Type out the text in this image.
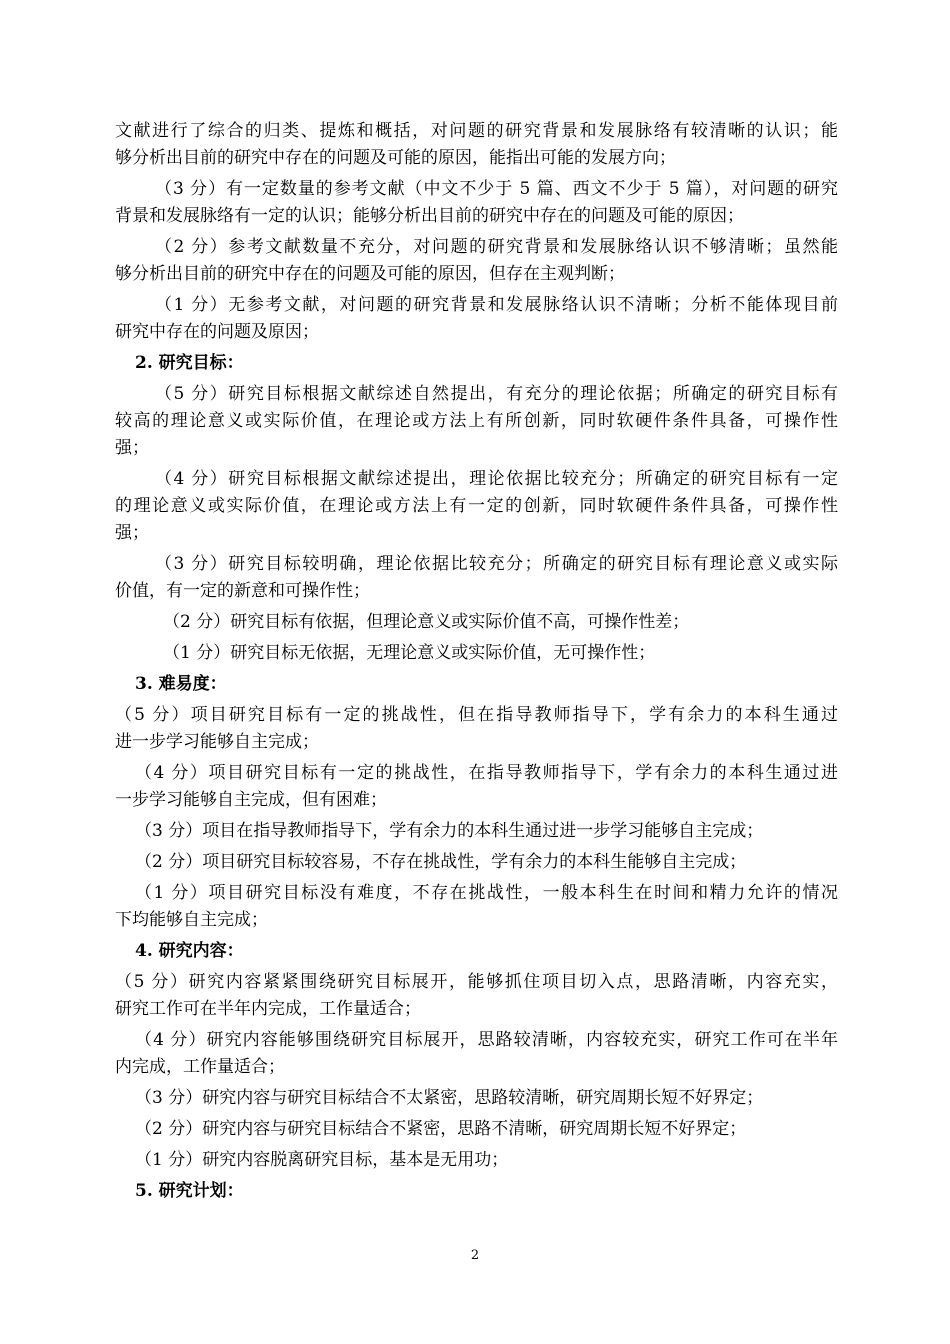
文献进行了综合的归类、提炼和概括，对问题的研究背景和发展脉络有较清晰的认识；能
够分析出目前的研究中存在的问题及可能的原因，能指出可能的发展方向；
（3 分）有一定数量的参考文献（中文不少于 5 篇、西文不少于 5 篇），对问题的研究
背景和发展脉络有一定的认识；能够分析出目前的研究中存在的问题及可能的原因；
（2 分）参考文献数量不充分，对问题的研究背景和发展脉络认识不够清晰；虽然能
够分析出目前的研究中存在的问题及可能的原因，但存在主观判断；
（1 分）无参考文献，对问题的研究背景和发展脉络认识不清晰；分析不能体现目前
研究中存在的问题及原因；
2. 研究目标：
（5 分）研究目标根据文献综述自然提出，有充分的理论依据；所确定的研究目标有
较高的理论意义或实际价值，在理论或方法上有所创新，同时软硬件条件具备，可操作性
强；
（4 分）研究目标根据文献综述提出，理论依据比较充分；所确定的研究目标有一定
的理论意义或实际价值，在理论或方法上有一定的创新，同时软硬件条件具备，可操作性
强；
（3 分）研究目标较明确，理论依据比较充分；所确定的研究目标有理论意义或实际
价值，有一定的新意和可操作性；
（2 分）研究目标有依据，但理论意义或实际价值不高，可操作性差；
（1 分）研究目标无依据，无理论意义或实际价值，无可操作性；
3. 难易度：
（5 分）项目研究目标有一定的挑战性，但在指导教师指导下，学有余力的本科生通过
进一步学习能够自主完成；
（4 分）项目研究目标有一定的挑战性，在指导教师指导下，学有余力的本科生通过进
一步学习能够自主完成，但有困难；
（3 分）项目在指导教师指导下，学有余力的本科生通过进一步学习能够自主完成；
（2 分）项目研究目标较容易，不存在挑战性，学有余力的本科生能够自主完成；
（1 分）项目研究目标没有难度，不存在挑战性，一般本科生在时间和精力允许的情况
下均能够自主完成；
4. 研究内容：
（5 分）研究内容紧紧围绕研究目标展开，能够抓住项目切入点，思路清晰，内容充实，
研究工作可在半年内完成，工作量适合；
（4 分）研究内容能够围绕研究目标展开，思路较清晰，内容较充实，研究工作可在半年
内完成，工作量适合；
（3 分）研究内容与研究目标结合不太紧密，思路较清晰，研究周期长短不好界定；
（2 分）研究内容与研究目标结合不紧密，思路不清晰，研究周期长短不好界定；
（1 分）研究内容脱离研究目标，基本是无用功；
5. 研究计划：
2
